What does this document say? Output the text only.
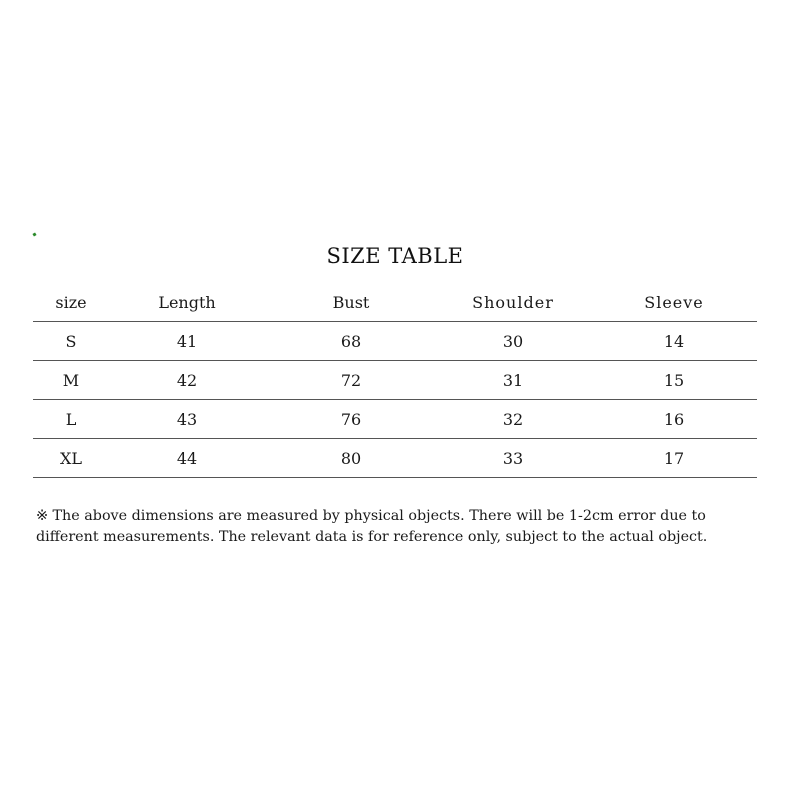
SIZE TABLE
size	Length	Bust	Shoulder	Sleeve
S	41	68	30	14
M	42	72	31	15
L	43	76	32	16
XL	44	80	33	17
※ The above dimensions are measured by physical objects. There will be 1-2cm error due to
different measurements. The relevant data is for reference only, subject to the actual object.
